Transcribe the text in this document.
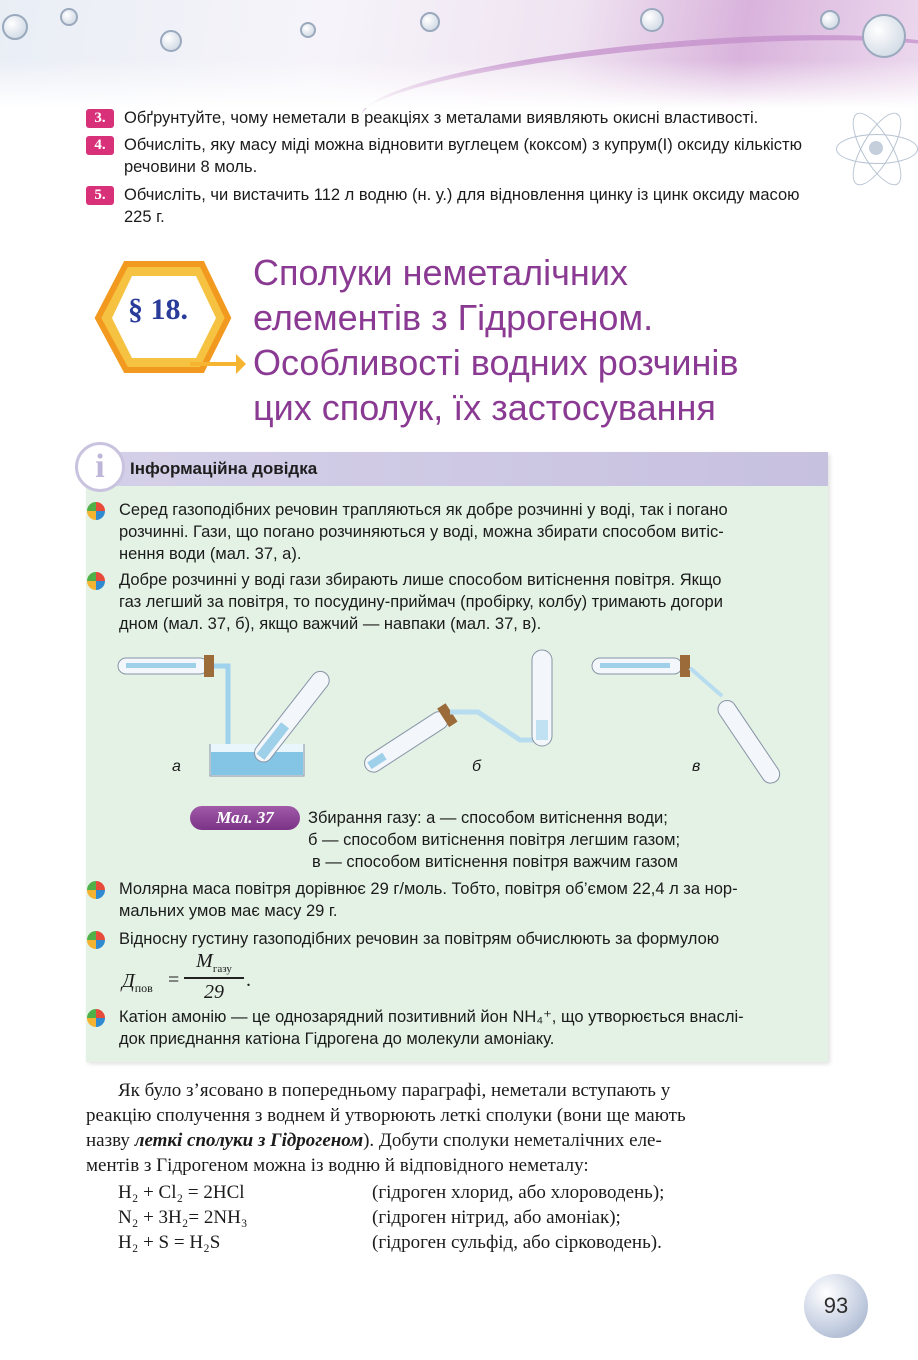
3.	Обґрунтуйте, чому неметали в реакціях з металами виявляють окисні властивості.
4.	Обчисліть, яку масу міді можна відновити вуглецем (коксом) з купрум(I) оксиду кількістю речовини 8 моль.
5.	Обчисліть, чи вистачить 112 л водню (н. у.) для відновлення цинку із цинк оксиду масою 225 г.
§ 18.
Сполуки неметалічних
елементів з Гідрогеном.
Особливості водних розчинів
цих сполук, їх застосування
i	Інформаційна довідка
Серед газоподібних речовин трапляються як добре розчинні у воді, так і погано
розчинні. Гази, що погано розчиняються у воді, можна збирати способом витіс-
нення води (мал. 37, а).
Добре розчинні у воді гази збирають лише способом витіснення повітря. Якщо
газ легший за повітря, то посудину-приймач (пробірку, колбу) тримають догори
дном (мал. 37, б), якщо важчий — навпаки (мал. 37, в).
а	б	в
Мал. 37	Збирання газу: а — способом витіснення води;
б — способом витіснення повітря легшим газом;
в — способом витіснення повітря важчим газом
Молярна маса повітря дорівнює 29 г/моль. Тобто, повітря об’ємом 22,4 л за нор-
мальних умов має масу 29 г.
Відносну густину газоподібних речовин за повітрям обчислюють за формулою
$Д_{пов}$ =
$M_{газу}$
29
.
Катіон амонію — це однозарядний позитивний йон NH₄⁺, що утворюється внаслі-
док приєднання катіона Гідрогена до молекули амоніаку.
Як було з’ясовано в попередньому параграфі, неметали вступають у
реакцію сполучення з воднем й утворюють леткі сполуки (вони ще мають
назву леткі сполуки з Гідрогеном). Добути сполуки неметалічних еле-
ментів з Гідрогеном можна із водню й відповідного неметалу:
H₂ + Cl₂ = 2HCl	(гідроген хлорид, або хлороводень);
N₂ + 3H₂= 2NH₃	(гідроген нітрид, або амоніак);
H₂ + S = H₂S	(гідроген сульфід, або сірководень).
93
